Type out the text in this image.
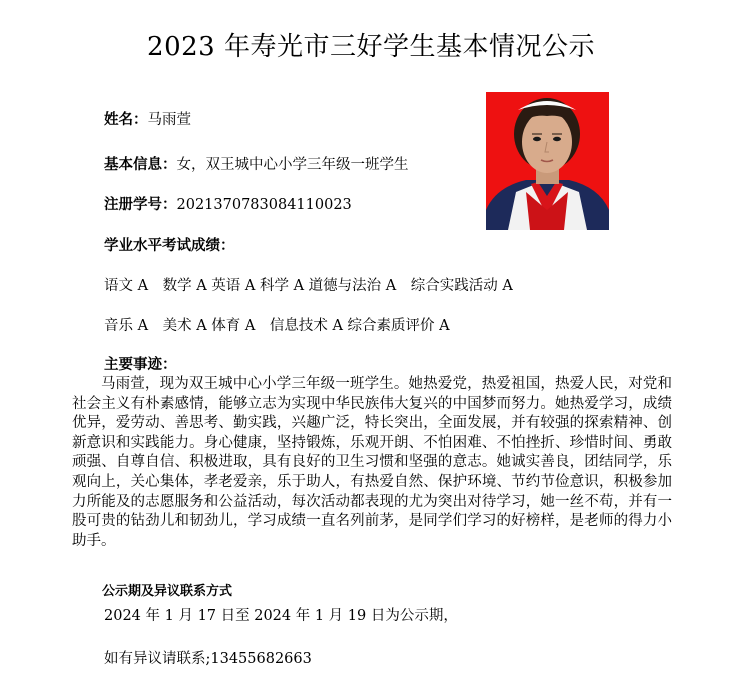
2023 年寿光市三好学生基本情况公示
姓名：马雨萱
基本信息：女，双王城中心小学三年级一班学生
注册学号：2021370783084110023
学业水平考试成绩：
语文 A　数学 A 英语 A 科学 A 道德与法治 A　综合实践活动 A
音乐 A　美术 A 体育 A　信息技术 A 综合素质评价 A
主要事迹：
马雨萱，现为双王城中心小学三年级一班学生。她热爱党，热爱祖国，热爱人民，对党和社会主义有朴素感情，能够立志为实现中华民族伟大复兴的中国梦而努力。她热爱学习，成绩优异，爱劳动、善思考、勤实践，兴趣广泛，特长突出，全面发展，并有较强的探索精神、创新意识和实践能力。身心健康，坚持锻炼，乐观开朗、不怕困难、不怕挫折、珍惜时间、勇敢顽强、自尊自信、积极进取，具有良好的卫生习惯和坚强的意志。她诚实善良，团结同学，乐观向上，关心集体，孝老爱亲，乐于助人，有热爱自然、保护环境、节约节俭意识，积极参加力所能及的志愿服务和公益活动，每次活动都表现的尤为突出对待学习，她一丝不苟，并有一股可贵的钻劲儿和韧劲儿，学习成绩一直名列前茅，是同学们学习的好榜样，是老师的得力小助手。
公示期及异议联系方式
2024 年 1 月 17 日至 2024 年 1 月 19 日为公示期，
如有异议请联系;13455682663
